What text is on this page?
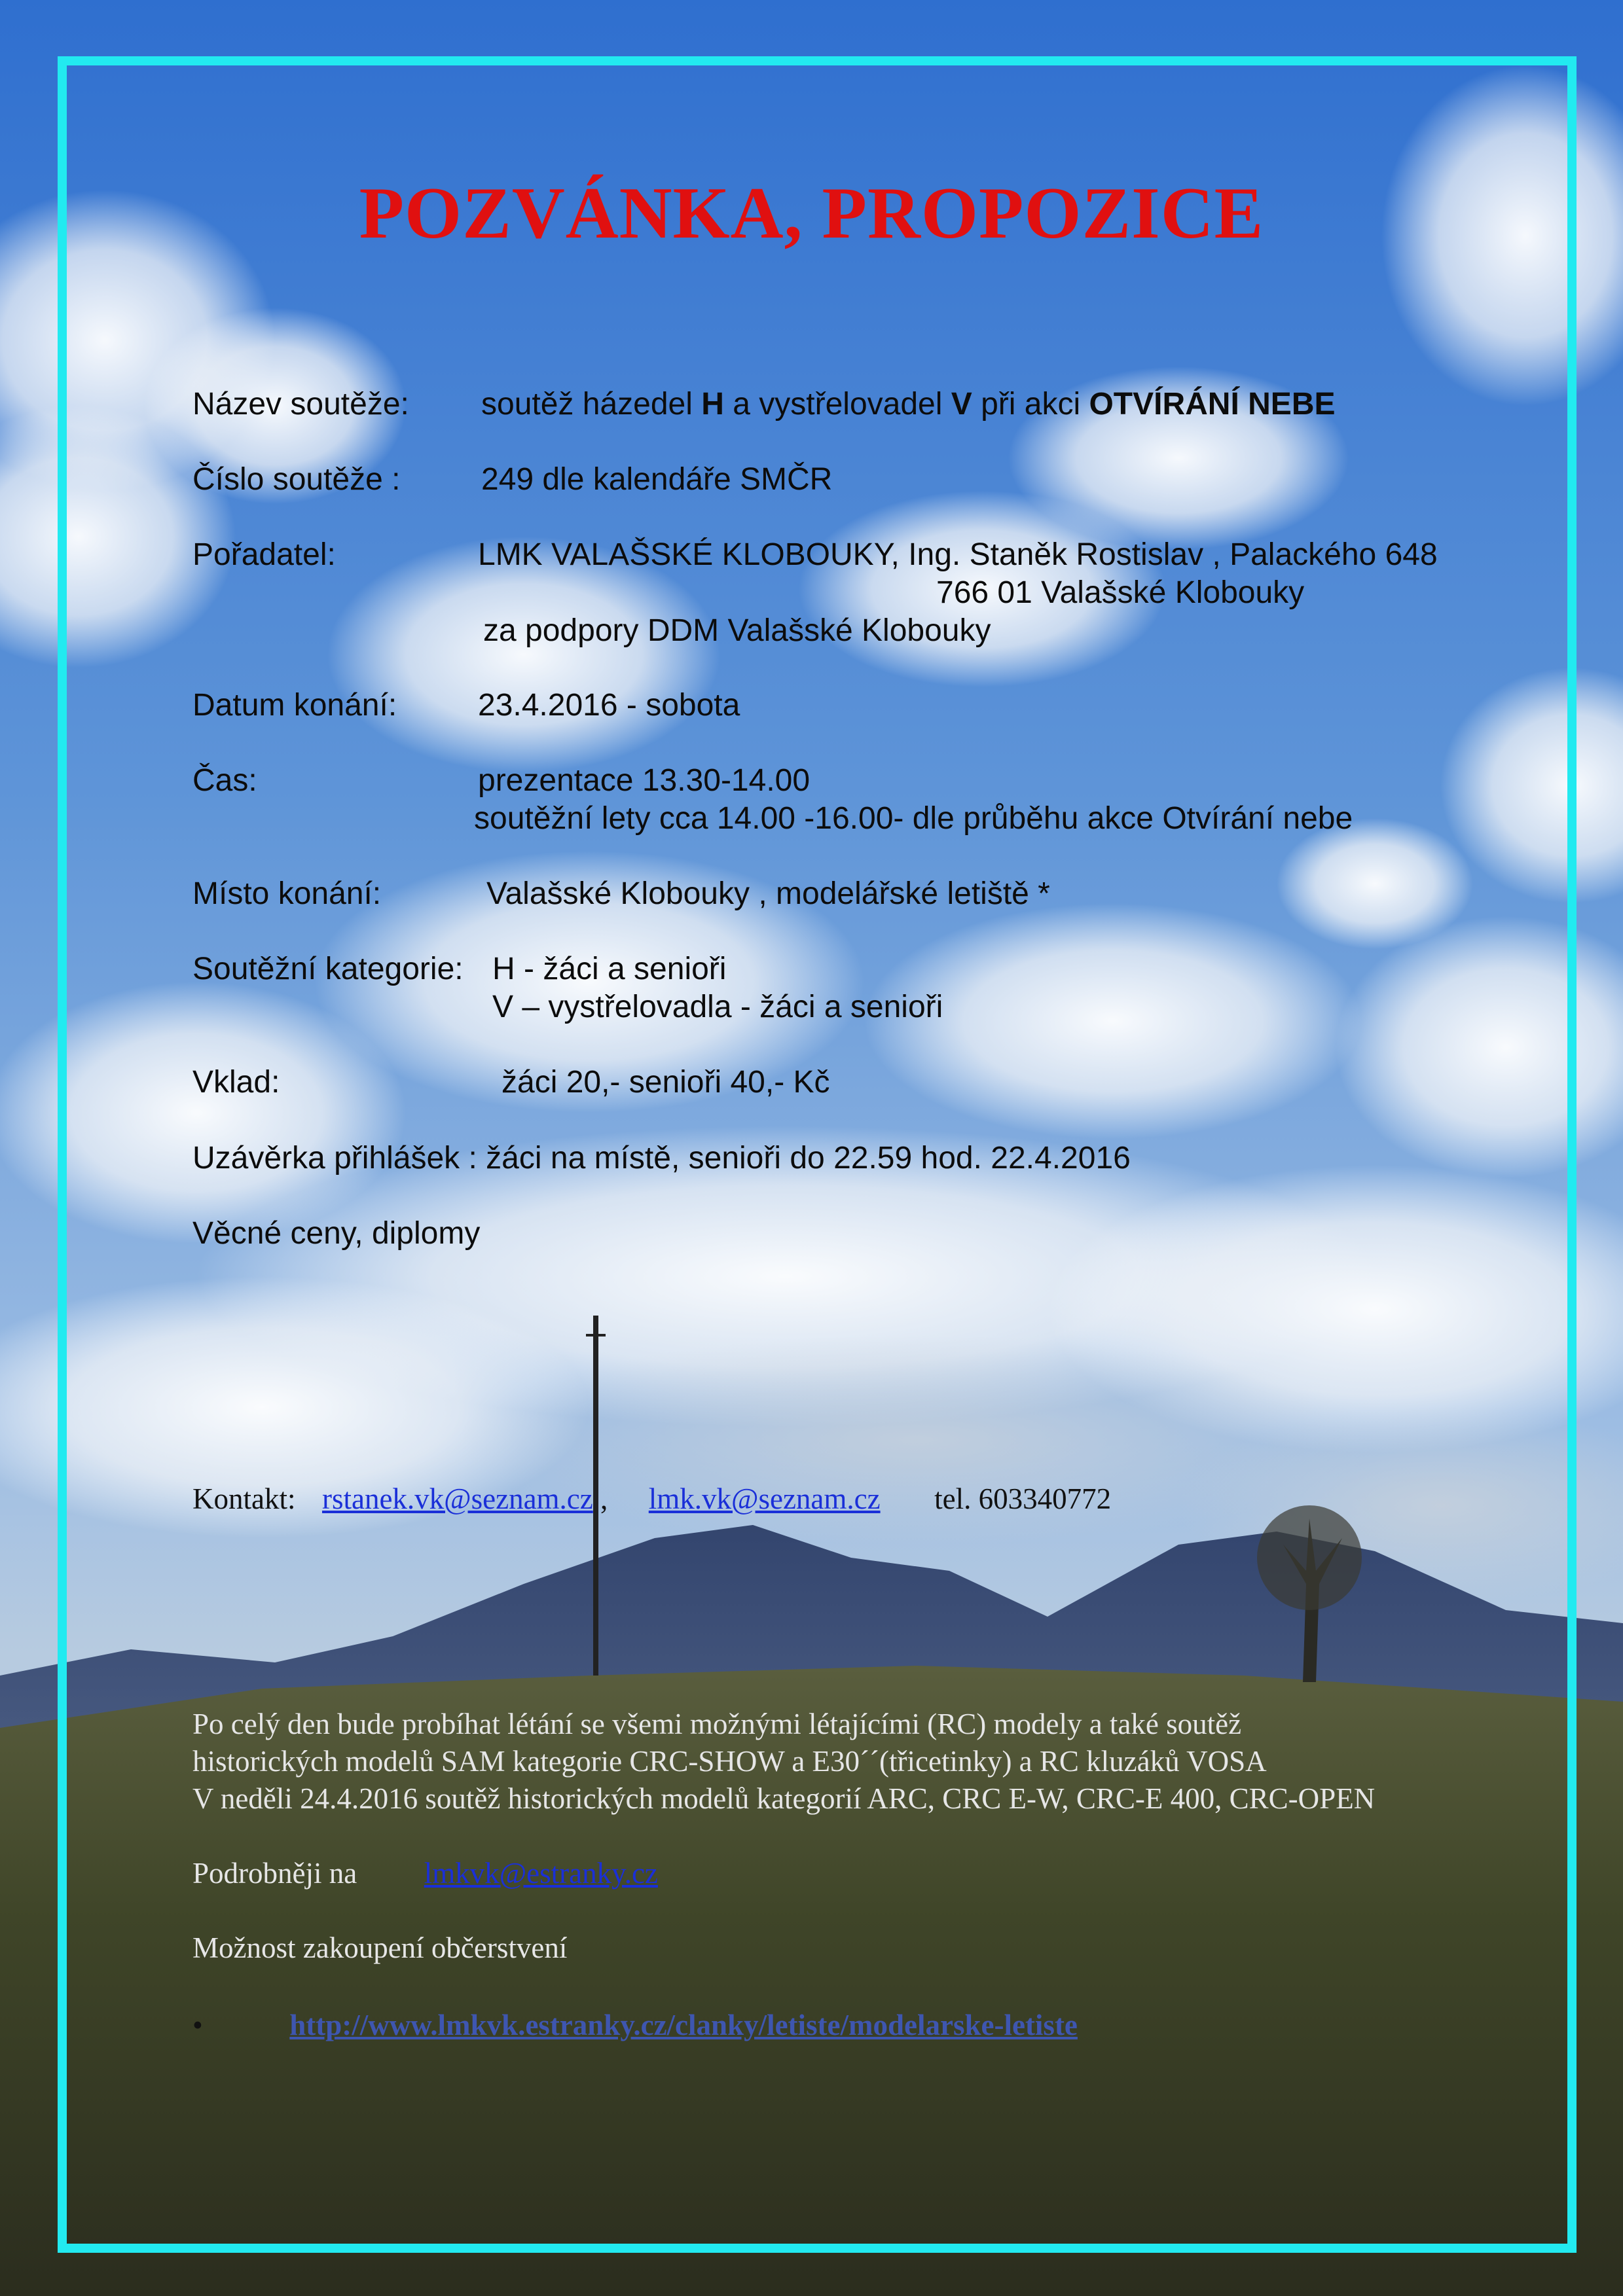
POZVÁNKA, PROPOZICE
Název soutěže: soutěž házedel H a vystřelovadel V při akci OTVÍRÁNÍ NEBE
Číslo soutěže :	249 dle kalendáře SMČR
Pořadatel:	LMK VALAŠSKÉ KLOBOUKY, Ing. Staněk Rostislav , Palackého 648
766 01 Valašské Klobouky
za podpory DDM Valašské Klobouky
Datum konání:	23.4.2016 - sobota
Čas:	prezentace 13.30-14.00
soutěžní lety cca 14.00 -16.00- dle průběhu akce Otvírání nebe
Místo konání:	Valašské Klobouky , modelářské letiště *
Soutěžní kategorie: H - žáci a senioři
V – vystřelovadla - žáci a senioři
Vklad:	žáci 20,- senioři 40,- Kč
Uzávěrka přihlášek : žáci na místě, senioři do 22.59 hod. 22.4.2016
Věcné ceny, diplomy
Kontakt: rstanek.vk@seznam.cz , lmk.vk@seznam.cz tel. 603340772
Po celý den bude probíhat létání se všemi možnými létajícími (RC) modely a také soutěž
historických modelů SAM kategorie CRC-SHOW a E30´´(třicetinky) a RC kluzáků VOSA
V neděli 24.4.2016 soutěž historických modelů kategorií ARC, CRC E-W, CRC-E 400, CRC-OPEN
Podrobněji na lmkvk@estranky.cz
Možnost zakoupení občerstvení
•	http://www.lmkvk.estranky.cz/clanky/letiste/modelarske-letiste
